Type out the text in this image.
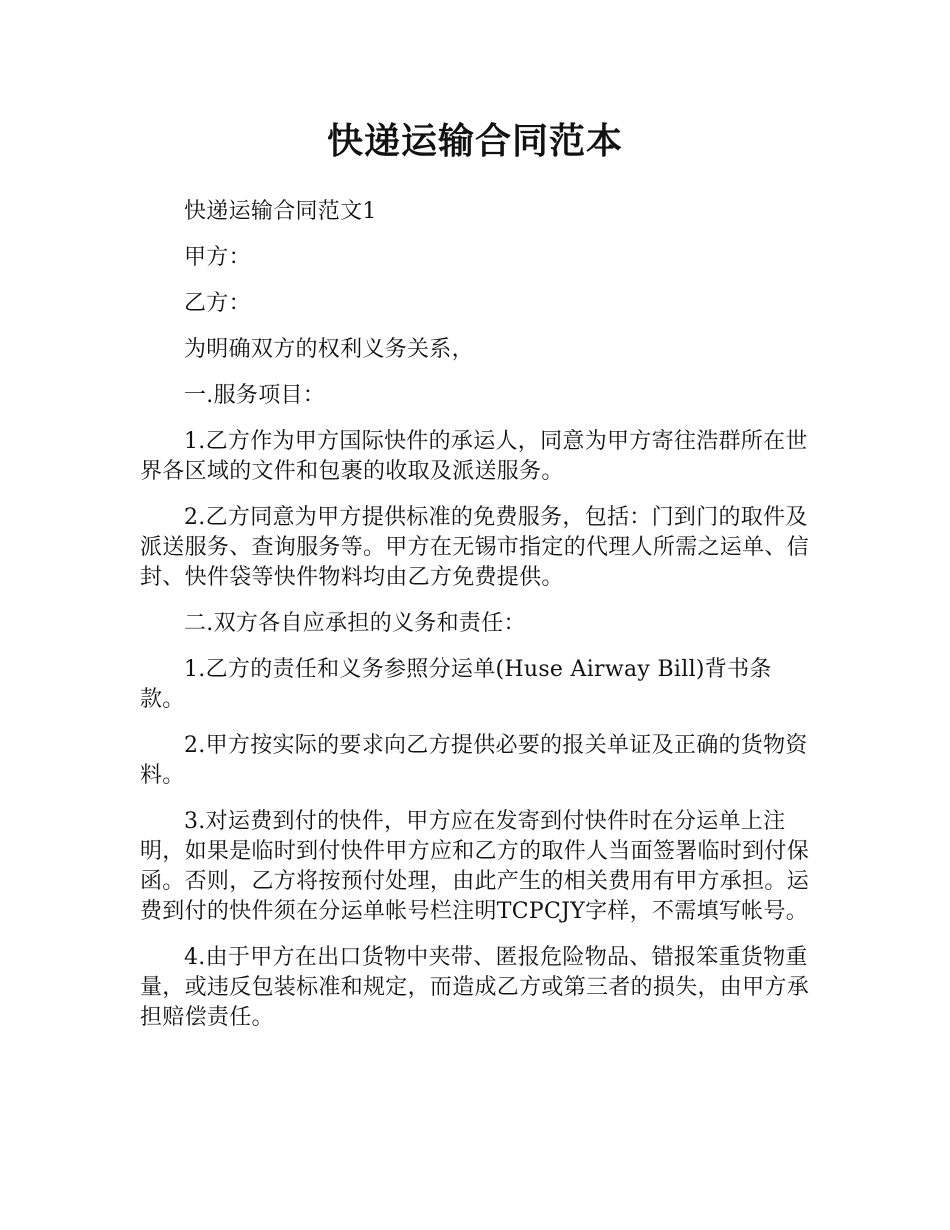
快递运输合同范本

快递运输合同范文1

甲方：

乙方：

为明确双方的权利义务关系，

一.服务项目：

1.乙方作为甲方国际快件的承运人，同意为甲方寄往浩群所在世界各区域的文件和包裹的收取及派送服务。

2.乙方同意为甲方提供标准的免费服务，包括：门到门的取件及派送服务、查询服务等。甲方在无锡市指定的代理人所需之运单、信封、快件袋等快件物料均由乙方免费提供。

二.双方各自应承担的义务和责任：

1.乙方的责任和义务参照分运单(Huse Airway Bill)背书条款。

2.甲方按实际的要求向乙方提供必要的报关单证及正确的货物资料。

3.对运费到付的快件，甲方应在发寄到付快件时在分运单上注明，如果是临时到付快件甲方应和乙方的取件人当面签署临时到付保函。否则，乙方将按预付处理，由此产生的相关费用有甲方承担。运费到付的快件须在分运单帐号栏注明TCPCJY字样，不需填写帐号。

4.由于甲方在出口货物中夹带、匿报危险物品、错报笨重货物重量，或违反包装标准和规定，而造成乙方或第三者的损失，由甲方承担赔偿责任。
